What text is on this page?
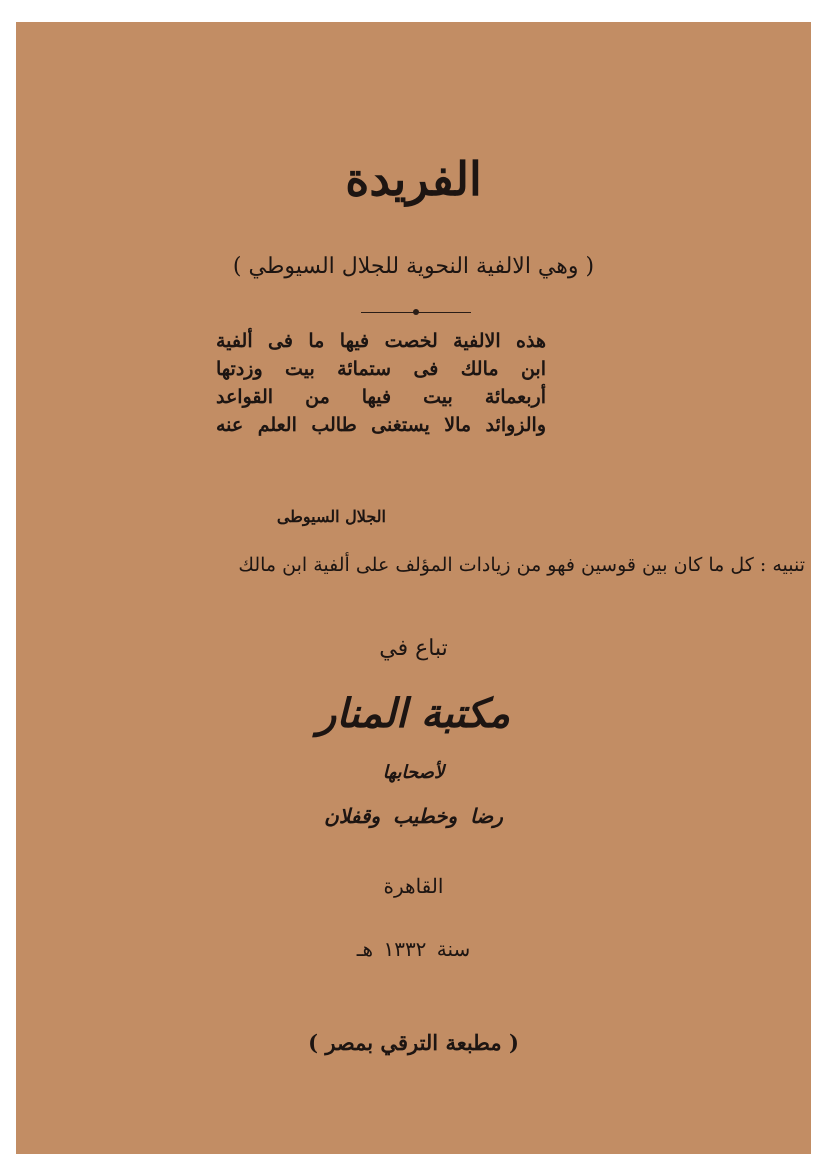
الفريدة
( وهي الالفية النحوية للجلال السيوطي )
هذه الالفية لخصت فيها ما فى ألفية
ابن مالك فى ستمائة بيت وزدتها
أربعمائة بيت فيها من القواعد
والزوائد مالا يستغنى طالب العلم عنه
الجلال السيوطى
تنبيه : كل ما كان بين قوسين فهو من زيادات المؤلف على ألفية ابن مالك
تباع في
مكتبة المنار
لأصحابها
رضا وخطيب وقفلان
القاهرة
سنة ١٣٣٢ هـ
( مطبعة الترقي بمصر )
